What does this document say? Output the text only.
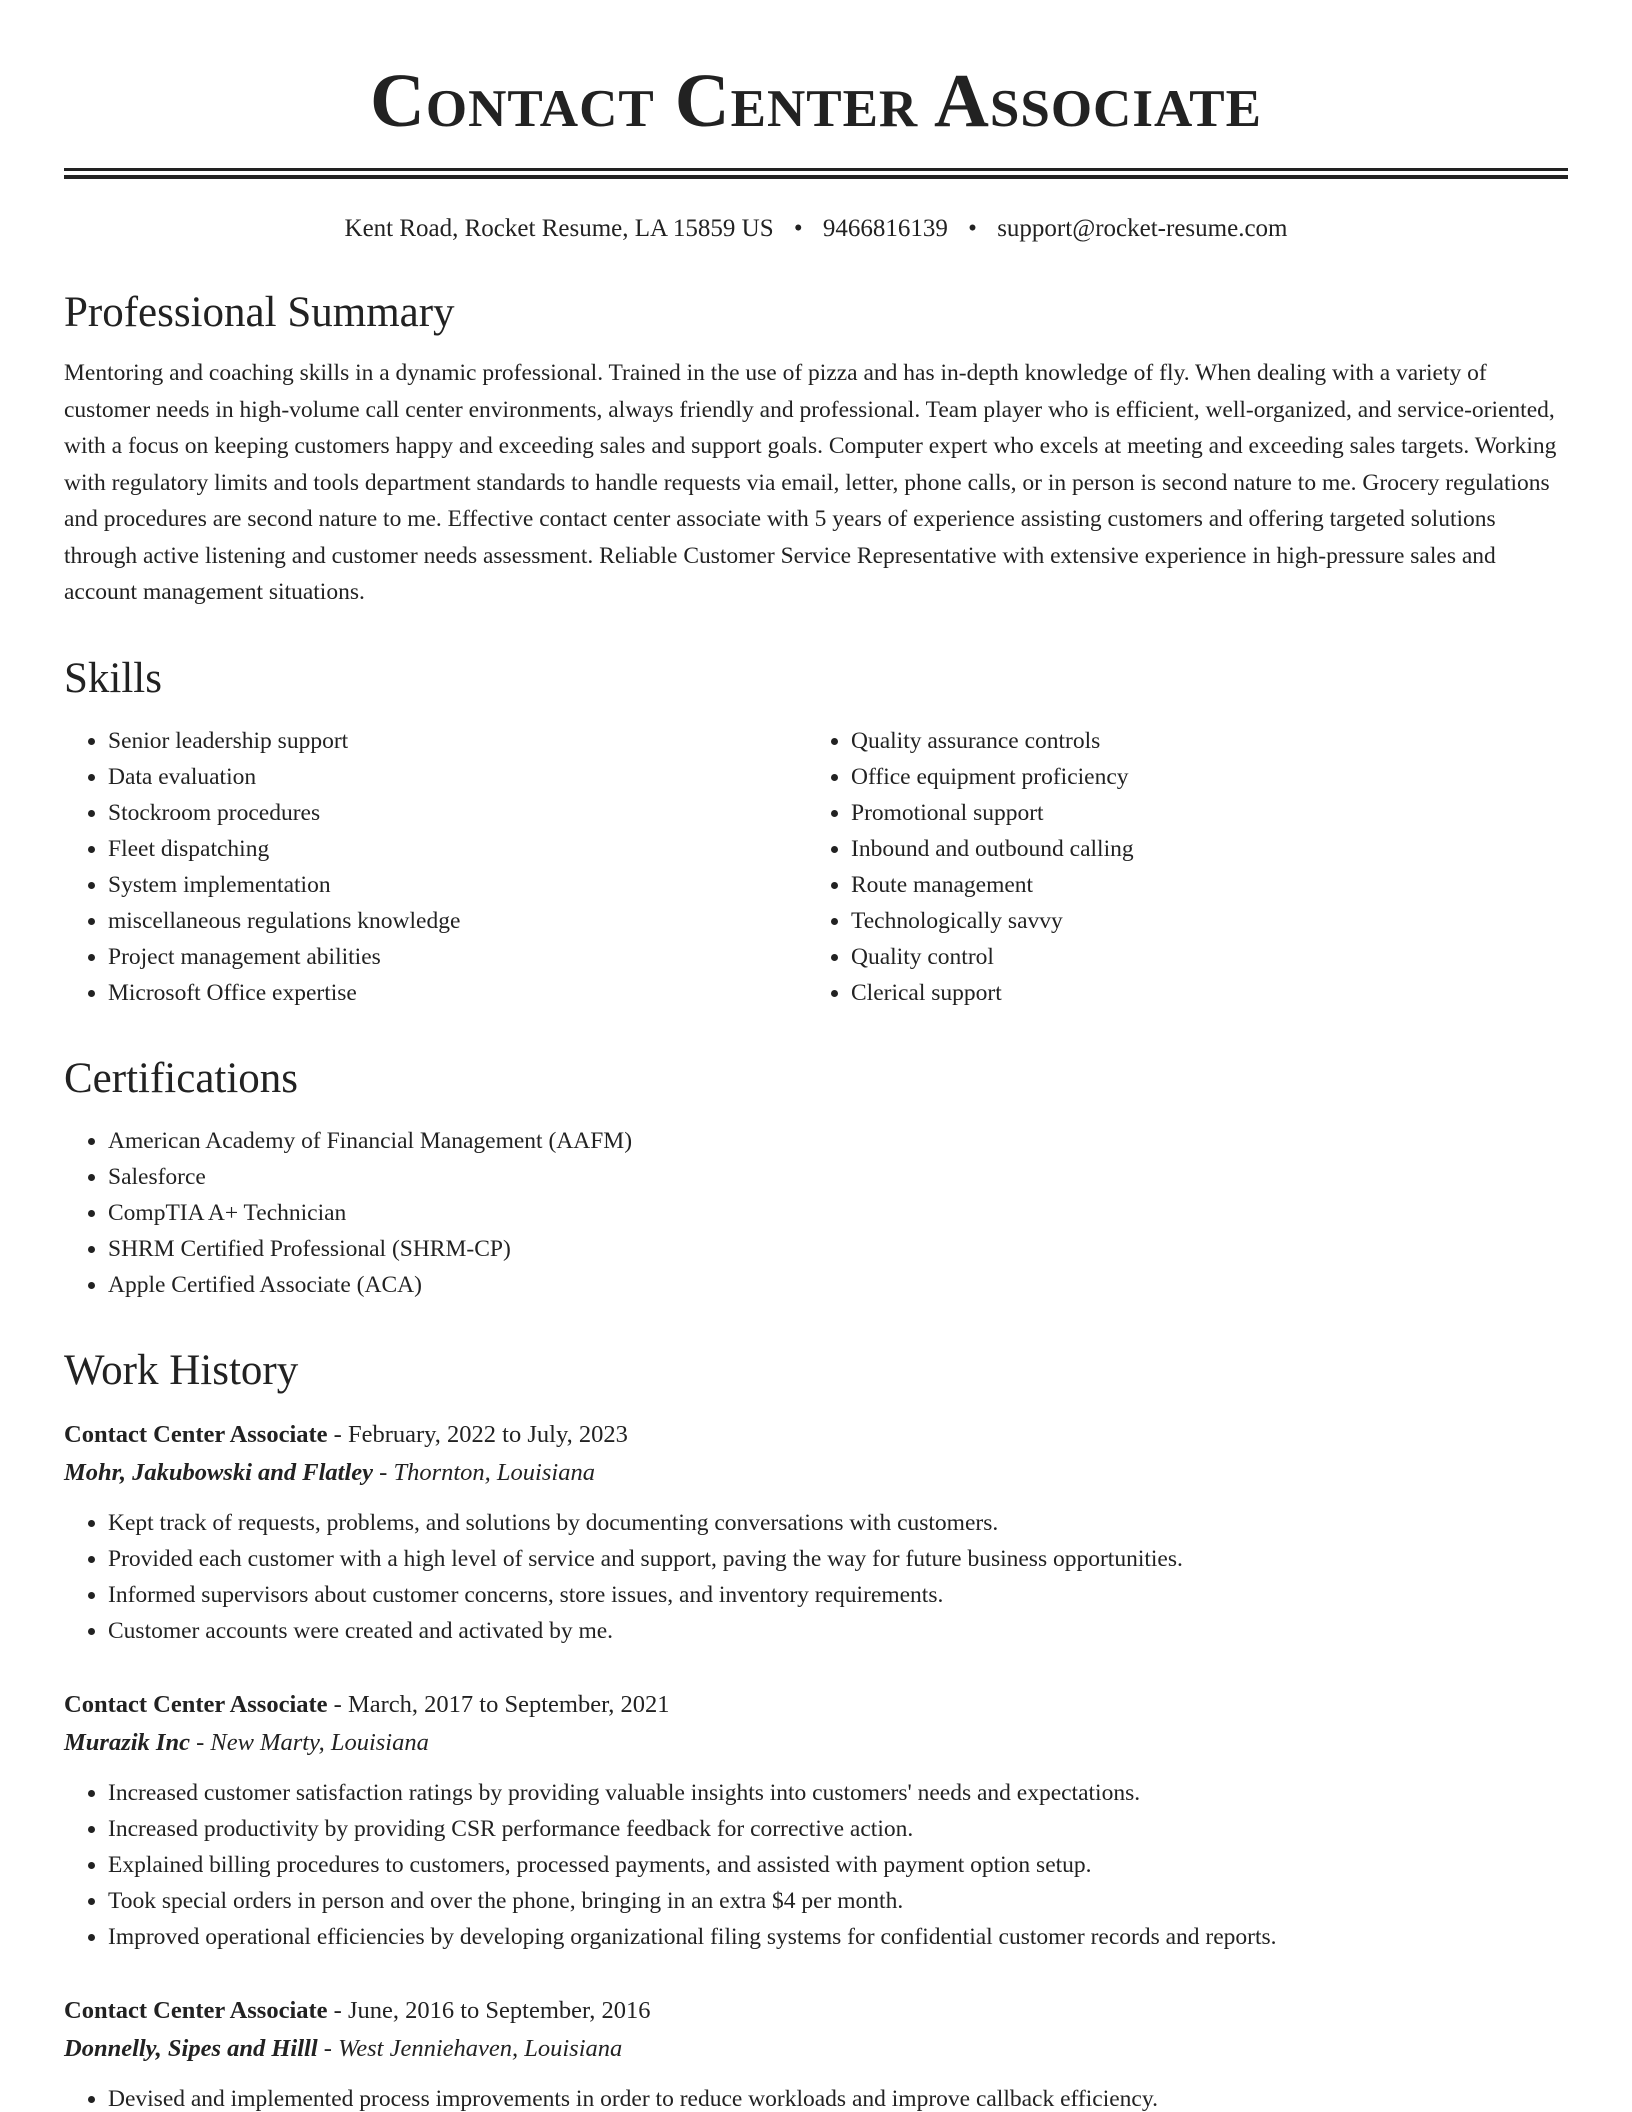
Contact Center Associate
Kent Road, Rocket Resume, LA 15859 US • 9466816139 • support@rocket-resume.com
Professional Summary

Mentoring and coaching skills in a dynamic professional. Trained in the use of pizza and has in-depth knowledge of fly. When dealing with a variety of customer needs in high-volume call center environments, always friendly and professional. Team player who is efficient, well-organized, and service-oriented, with a focus on keeping customers happy and exceeding sales and support goals. Computer expert who excels at meeting and exceeding sales targets. Working with regulatory limits and tools department standards to handle requests via email, letter, phone calls, or in person is second nature to me. Grocery regulations and procedures are second nature to me. Effective contact center associate with 5 years of experience assisting customers and offering targeted solutions through active listening and customer needs assessment. Reliable Customer Service Representative with extensive experience in high-pressure sales and account management situations.

Skills
• Senior leadership support
• Data evaluation
• Stockroom procedures
• Fleet dispatching
• System implementation
• miscellaneous regulations knowledge
• Project management abilities
• Microsoft Office expertise
• Quality assurance controls
• Office equipment proficiency
• Promotional support
• Inbound and outbound calling
• Route management
• Technologically savvy
• Quality control
• Clerical support
Certifications
• American Academy of Financial Management (AAFM)
• Salesforce
• CompTIA A+ Technician
• SHRM Certified Professional (SHRM-CP)
• Apple Certified Associate (ACA)
Work History
Contact Center Associate - February, 2022 to July, 2023
Mohr, Jakubowski and Flatley - Thornton, Louisiana
• Kept track of requests, problems, and solutions by documenting conversations with customers.
• Provided each customer with a high level of service and support, paving the way for future business opportunities.
• Informed supervisors about customer concerns, store issues, and inventory requirements.
• Customer accounts were created and activated by me.
Contact Center Associate - March, 2017 to September, 2021
Murazik Inc - New Marty, Louisiana
• Increased customer satisfaction ratings by providing valuable insights into customers' needs and expectations.
• Increased productivity by providing CSR performance feedback for corrective action.
• Explained billing procedures to customers, processed payments, and assisted with payment option setup.
• Took special orders in person and over the phone, bringing in an extra $4 per month.
• Improved operational efficiencies by developing organizational filing systems for confidential customer records and reports.
Contact Center Associate - June, 2016 to September, 2016
Donnelly, Sipes and Hilll - West Jenniehaven, Louisiana
• Devised and implemented process improvements in order to reduce workloads and improve callback efficiency.
